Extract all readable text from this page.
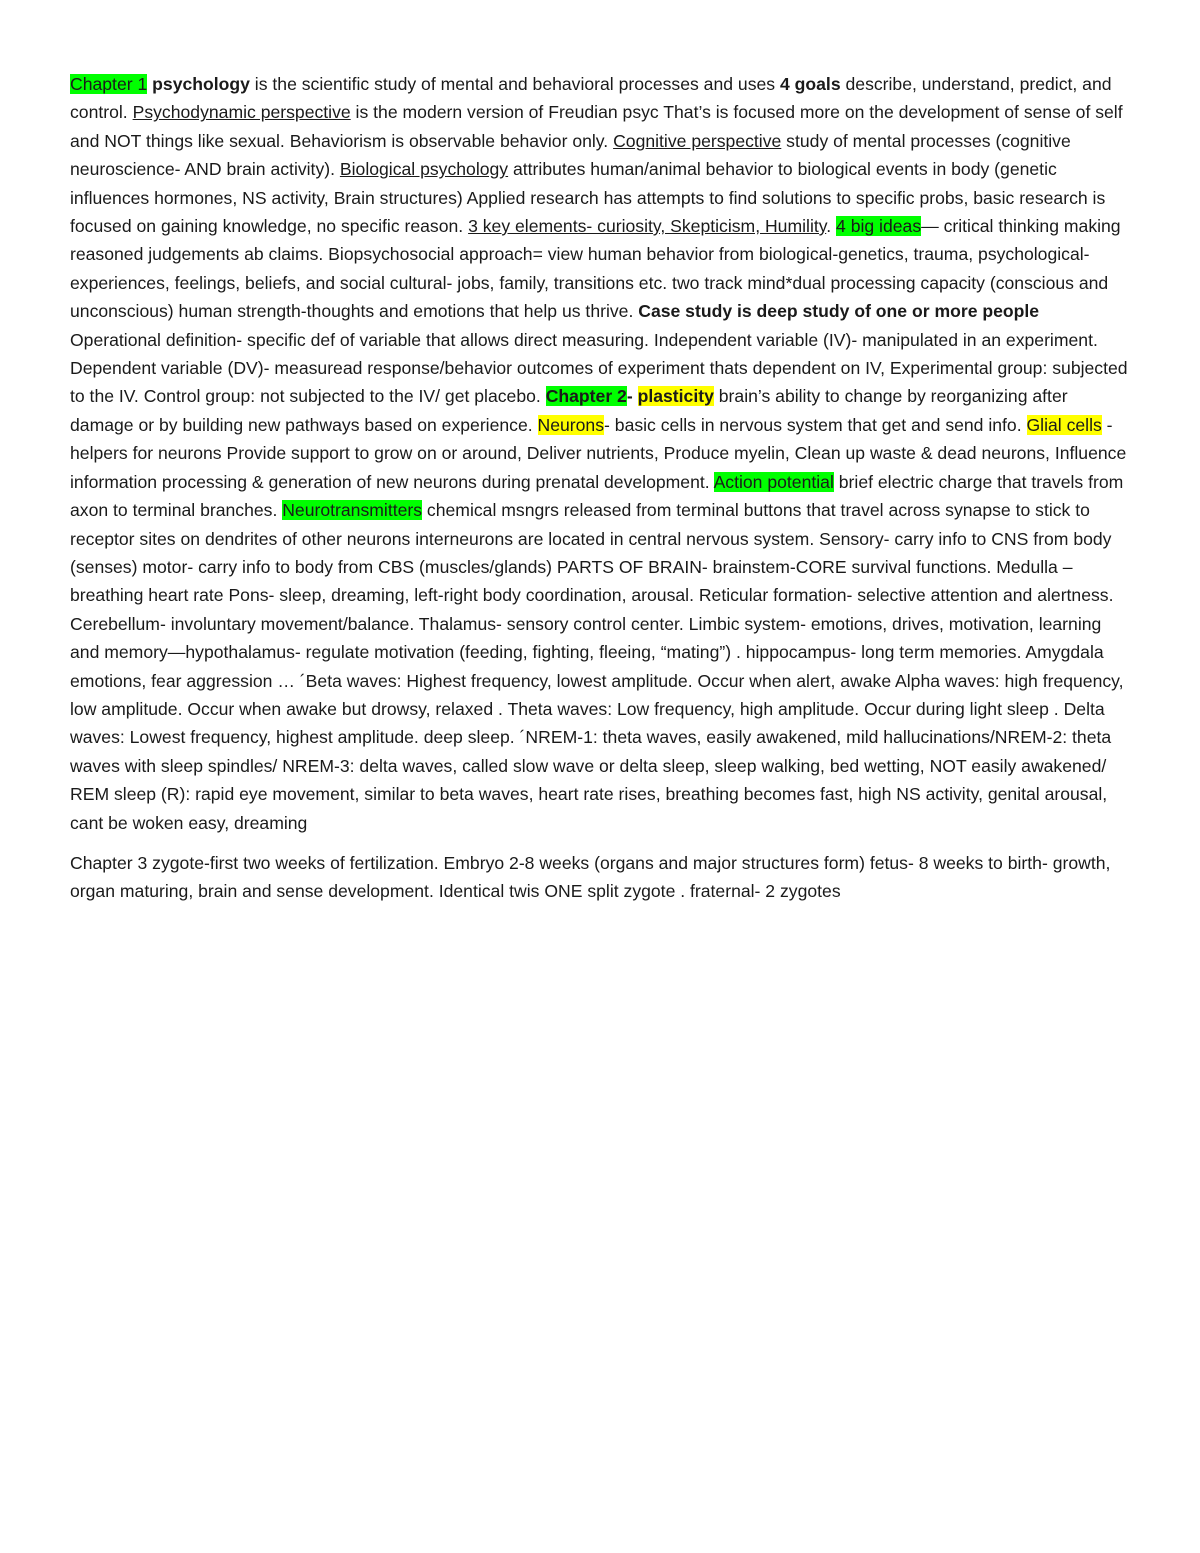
Chapter 1 psychology is the scientific study of mental and behavioral processes and uses 4 goals describe, understand, predict, and control. Psychodynamic perspective is the modern version of Freudian psyc That’s is focused more on the development of sense of self and NOT things like sexual. Behaviorism is observable behavior only. Cognitive perspective study of mental processes (cognitive neuroscience- AND brain activity). Biological psychology attributes human/animal behavior to biological events in body (genetic influences hormones, NS activity, Brain structures) Applied research has attempts to find solutions to specific probs, basic research is focused on gaining knowledge, no specific reason. 3 key elements- curiosity, Skepticism, Humility. 4 big ideas— critical thinking making reasoned judgements ab claims. Biopsychosocial approach= view human behavior from biological-genetics, trauma, psychological-experiences, feelings, beliefs, and social cultural- jobs, family, transitions etc. two track mind*dual processing capacity (conscious and unconscious) human strength-thoughts and emotions that help us thrive. Case study is deep study of one or more people Operational definition- specific def of variable that allows direct measuring. Independent variable (IV)- manipulated in an experiment. Dependent variable (DV)- measuread response/behavior outcomes of experiment thats dependent on IV, Experimental group: subjected to the IV. Control group: not subjected to the IV/ get placebo. Chapter 2- plasticity brain’s ability to change by reorganizing after damage or by building new pathways based on experience. Neurons- basic cells in nervous system that get and send info. Glial cells -helpers for neurons Provide support to grow on or around, Deliver nutrients, Produce myelin, Clean up waste & dead neurons, Influence information processing & generation of new neurons during prenatal development. Action potential brief electric charge that travels from axon to terminal branches. Neurotransmitters chemical msngrs released from terminal buttons that travel across synapse to stick to receptor sites on dendrites of other neurons interneurons are located in central nervous system. Sensory- carry info to CNS from body (senses) motor- carry info to body from CBS (muscles/glands) PARTS OF BRAIN- brainstem-CORE survival functions. Medulla – breathing heart rate Pons- sleep, dreaming, left-right body coordination, arousal. Reticular formation- selective attention and alertness. Cerebellum- involuntary movement/balance. Thalamus- sensory control center. Limbic system- emotions, drives, motivation, learning and memory—hypothalamus- regulate motivation (feeding, fighting, fleeing, “mating”) . hippocampus- long term memories. Amygdala emotions, fear aggression … ´Beta waves: Highest frequency, lowest amplitude. Occur when alert, awake Alpha waves: high frequency, low amplitude. Occur when awake but drowsy, relaxed . Theta waves: Low frequency, high amplitude. Occur during light sleep . Delta waves: Lowest frequency, highest amplitude. deep sleep. ´NREM-1: theta waves, easily awakened, mild hallucinations/NREM-2: theta waves with sleep spindles/ NREM-3: delta waves, called slow wave or delta sleep, sleep walking, bed wetting, NOT easily awakened/ REM sleep (R): rapid eye movement, similar to beta waves, heart rate rises, breathing becomes fast, high NS activity, genital arousal, cant be woken easy, dreaming

Chapter 3 zygote-first two weeks of fertilization. Embryo 2-8 weeks (organs and major structures form) fetus- 8 weeks to birth- growth, organ maturing, brain and sense development. Identical twis ONE split zygote . fraternal- 2 zygotes
